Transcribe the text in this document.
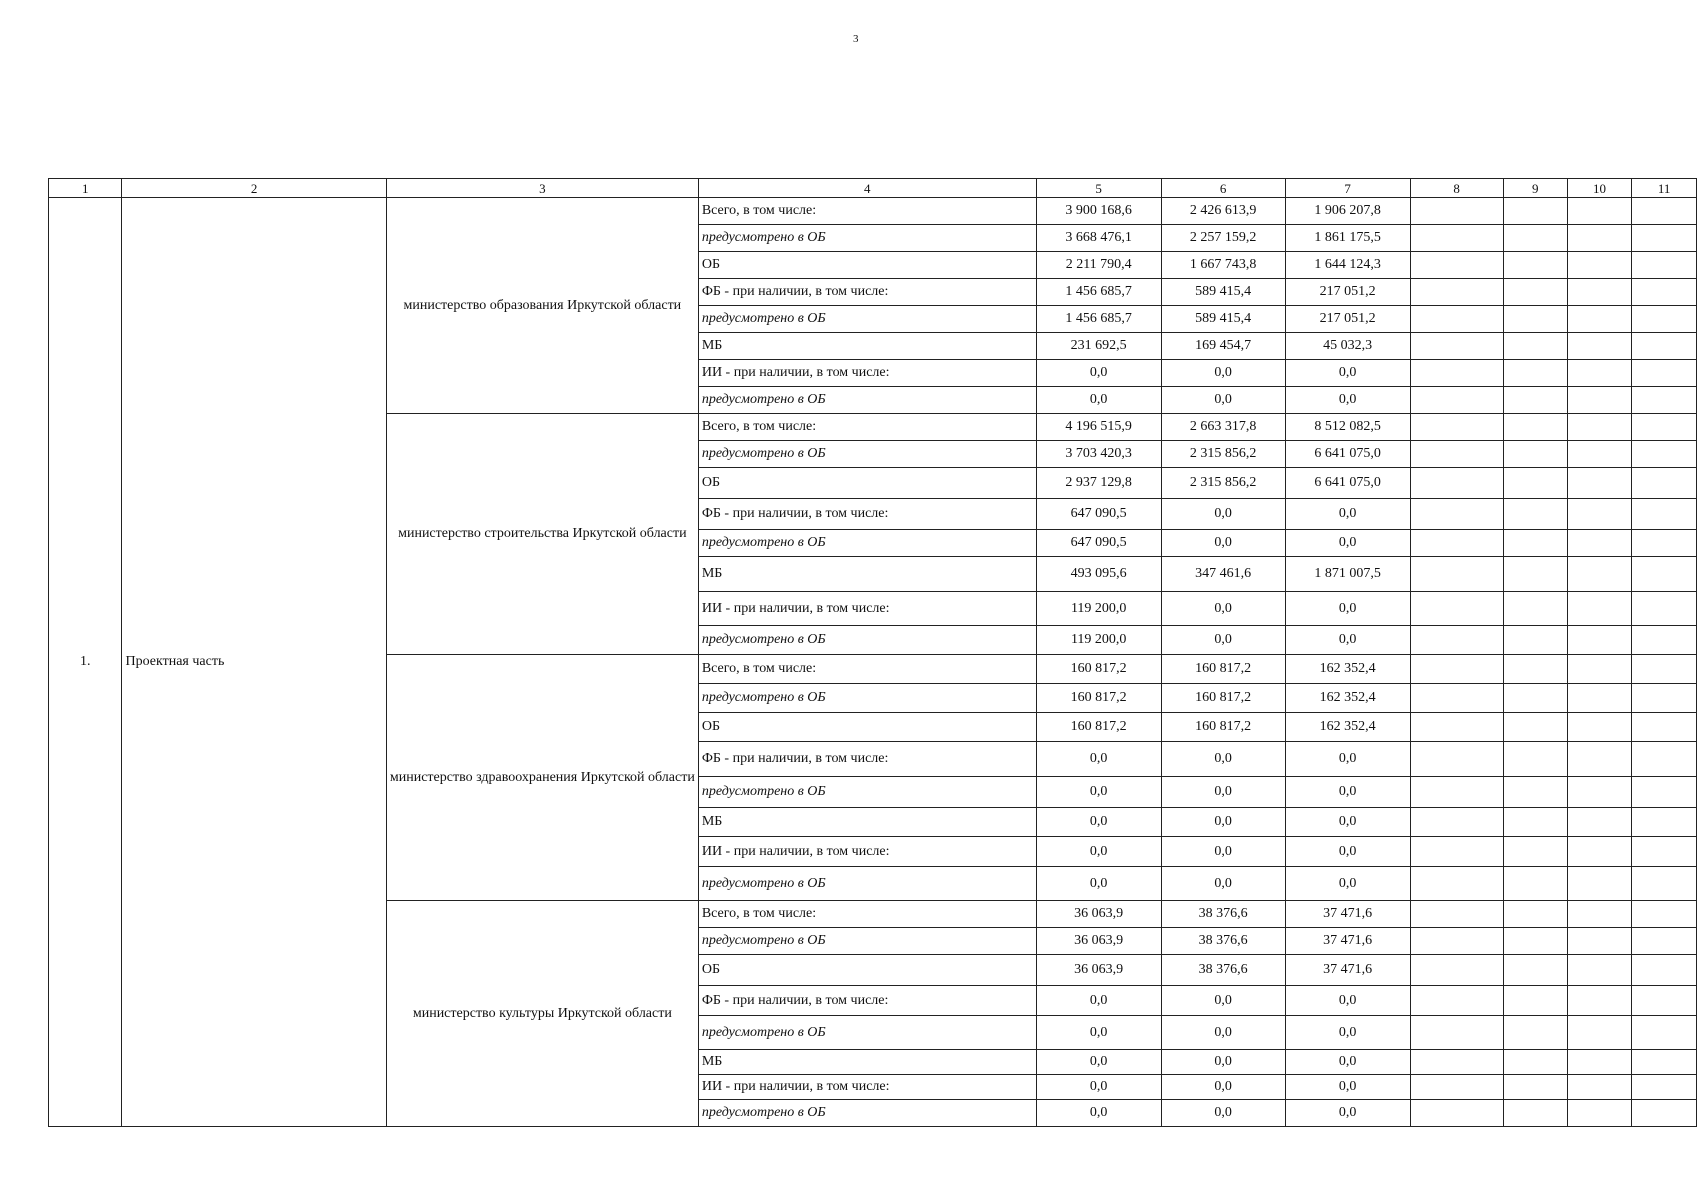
3
1	2	3	4	5	6	7	8	9	10	11
1.	Проектная часть	министерство образования Иркутской области	Всего, в том числе:	3 900 168,6	2 426 613,9	1 906 207,8				
			предусмотрено в ОБ	3 668 476,1	2 257 159,2	1 861 175,5				
			ОБ	2 211 790,4	1 667 743,8	1 644 124,3				
			ФБ - при наличии, в том числе:	1 456 685,7	589 415,4	217 051,2				
			предусмотрено в ОБ	1 456 685,7	589 415,4	217 051,2				
			МБ	231 692,5	169 454,7	45 032,3				
			ИИ - при наличии, в том числе:	0,0	0,0	0,0				
			предусмотрено в ОБ	0,0	0,0	0,0				
		министерство строительства Иркутской области	Всего, в том числе:	4 196 515,9	2 663 317,8	8 512 082,5				
			предусмотрено в ОБ	3 703 420,3	2 315 856,2	6 641 075,0				
			ОБ	2 937 129,8	2 315 856,2	6 641 075,0				
			ФБ - при наличии, в том числе:	647 090,5	0,0	0,0				
			предусмотрено в ОБ	647 090,5	0,0	0,0				
			МБ	493 095,6	347 461,6	1 871 007,5				
			ИИ - при наличии, в том числе:	119 200,0	0,0	0,0				
			предусмотрено в ОБ	119 200,0	0,0	0,0				
		министерство здравоохранения Иркутской области	Всего, в том числе:	160 817,2	160 817,2	162 352,4				
			предусмотрено в ОБ	160 817,2	160 817,2	162 352,4				
			ОБ	160 817,2	160 817,2	162 352,4				
			ФБ - при наличии, в том числе:	0,0	0,0	0,0				
			предусмотрено в ОБ	0,0	0,0	0,0				
			МБ	0,0	0,0	0,0				
			ИИ - при наличии, в том числе:	0,0	0,0	0,0				
			предусмотрено в ОБ	0,0	0,0	0,0				
		министерство культуры Иркутской области	Всего, в том числе:	36 063,9	38 376,6	37 471,6				
			предусмотрено в ОБ	36 063,9	38 376,6	37 471,6				
			ОБ	36 063,9	38 376,6	37 471,6				
			ФБ - при наличии, в том числе:	0,0	0,0	0,0				
			предусмотрено в ОБ	0,0	0,0	0,0				
			МБ	0,0	0,0	0,0				
			ИИ - при наличии, в том числе:	0,0	0,0	0,0				
			предусмотрено в ОБ	0,0	0,0	0,0				
